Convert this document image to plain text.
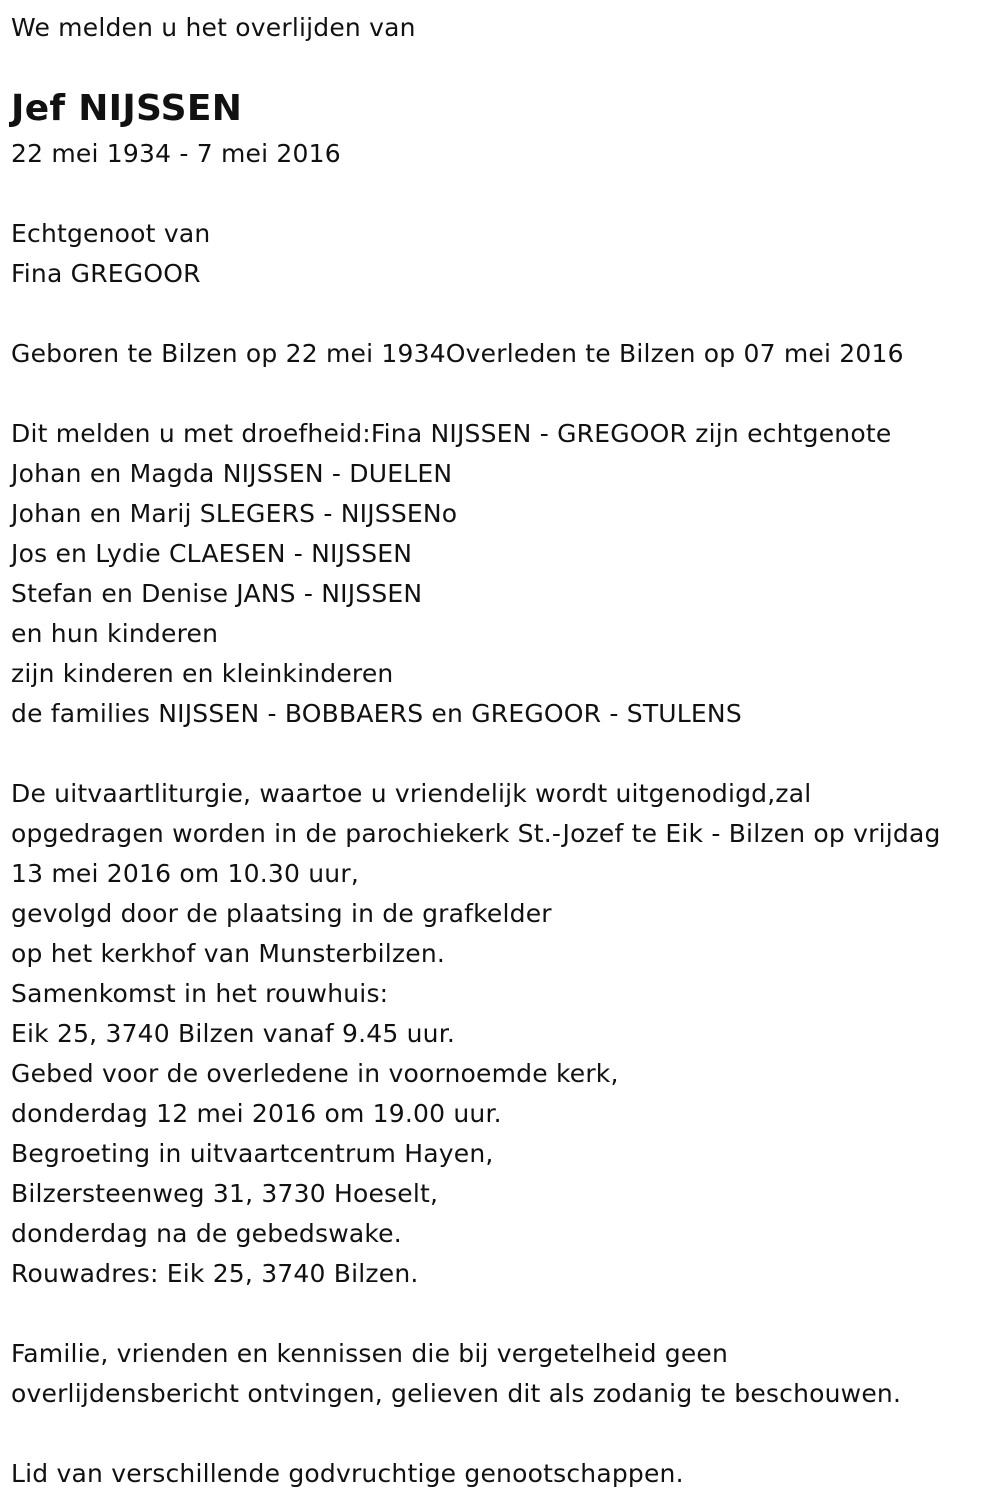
We melden u het overlijden van
Jef NIJSSEN
22 mei 1934 - 7 mei 2016
Echtgenoot van
Fina GREGOOR
Geboren te Bilzen op 22 mei 1934Overleden te Bilzen op 07 mei 2016
Dit melden u met droefheid:Fina NIJSSEN - GREGOOR zijn echtgenote
Johan en Magda NIJSSEN - DUELEN
Johan en Marij SLEGERS - NIJSSENo
Jos en Lydie CLAESEN - NIJSSEN
Stefan en Denise JANS - NIJSSEN
en hun kinderen
zijn kinderen en kleinkinderen
de families NIJSSEN - BOBBAERS en GREGOOR - STULENS
De uitvaartliturgie, waartoe u vriendelijk wordt uitgenodigd,zal
opgedragen worden in de parochiekerk St.-Jozef te Eik - Bilzen op vrijdag
13 mei 2016 om 10.30 uur,
gevolgd door de plaatsing in de grafkelder
op het kerkhof van Munsterbilzen.
Samenkomst in het rouwhuis:
Eik 25, 3740 Bilzen vanaf 9.45 uur.
Gebed voor de overledene in voornoemde kerk,
donderdag 12 mei 2016 om 19.00 uur.
Begroeting in uitvaartcentrum Hayen,
Bilzersteenweg 31, 3730 Hoeselt,
donderdag na de gebedswake.
Rouwadres: Eik 25, 3740 Bilzen.
Familie, vrienden en kennissen die bij vergetelheid geen
overlijdensbericht ontvingen, gelieven dit als zodanig te beschouwen.
Lid van verschillende godvruchtige genootschappen.
